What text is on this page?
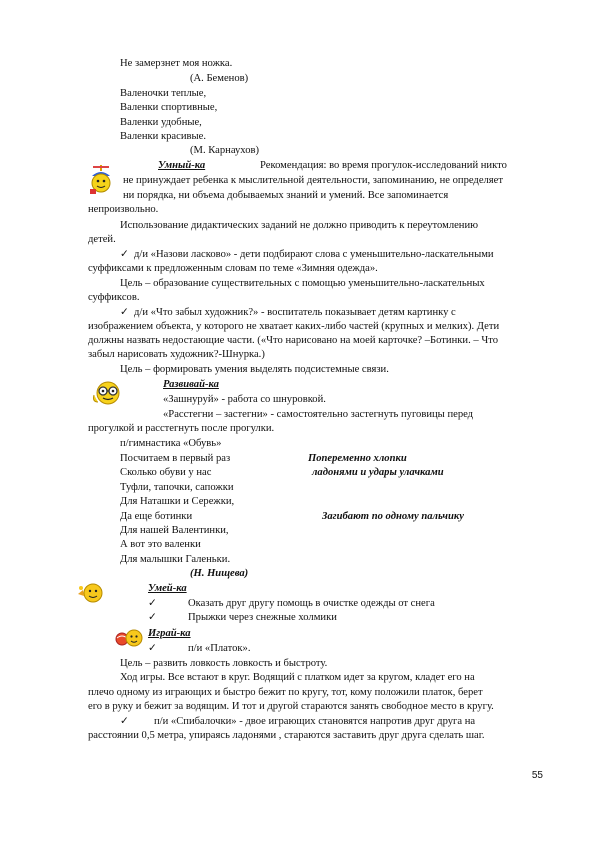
Не замерзнет моя ножка.
(А. Беменов)
Валеночки теплые,
Валенки спортивные,
Валенки удобные,
Валенки красивые.
(М. Карнаухов)
Умный-ка	Рекомендация: во время прогулок-исследований никто
не принуждает ребенка к мыслительной деятельности, запоминанию, не определяет
ни порядка, ни объема добываемых знаний и умений. Все запоминается
непроизвольно.
Использование дидактических заданий не должно приводить к переутомлению
детей.
✓ д/и «Назови ласково» - дети подбирают слова с уменьшительно-ласкательными
суффиксами к предложенным словам по теме «Зимняя одежда».
Цель – образование существительных с помощью уменьшительно-ласкательных
суффиксов.
✓ д/и «Что забыл художник?» - воспитатель показывает детям картинку с
изображением объекта, у которого не хватает каких-либо частей (крупных и мелких). Дети
должны назвать недостающие части. («Что нарисовано на моей карточке? –Ботинки. – Что
забыл нарисовать художник?-Шнурка.)
Цель – формировать умения выделять подсистемные связи.
Развивай-ка
«Зашнуруй» - работа со шнуровкой.
«Расстегни – застегни» - самостоятельно застегнуть пуговицы перед
прогулкой и расстегнуть после прогулки.
п/гимнастика «Обувь»
Посчитаем в первый раз	Попеременно хлопки
Сколько обуви у нас	ладонями и удары улачками
Туфли, тапочки, сапожки
Для Наташки и Сережки,
Да еще ботинки	Загибают по одному пальчику
Для нашей Валентинки,
А вот это валенки
Для малышки Галеньки.
(Н. Нищева)
Умей-ка
✓	Оказать друг другу помощь в очистке одежды от снега
✓	Прыжки через снежные холмики
Играй-ка
✓	п/и «Платок».
Цель – развить ловкость ловкость и быстроту.
Ход игры. Все встают в круг. Водящий с платком идет за кругом, кладет его на
плечо одному из играющих и быстро бежит по кругу, тот, кому положили платок, берет
его в руку и бежит за водящим. И тот и другой стараются занять свободное место в кругу.
✓ п/и «Спибалочки» - двое играющих становятся напротив друг друга на
расстоянии 0,5 метра, упираясь ладонями , стараются заставить друг друга сделать шаг.
55
